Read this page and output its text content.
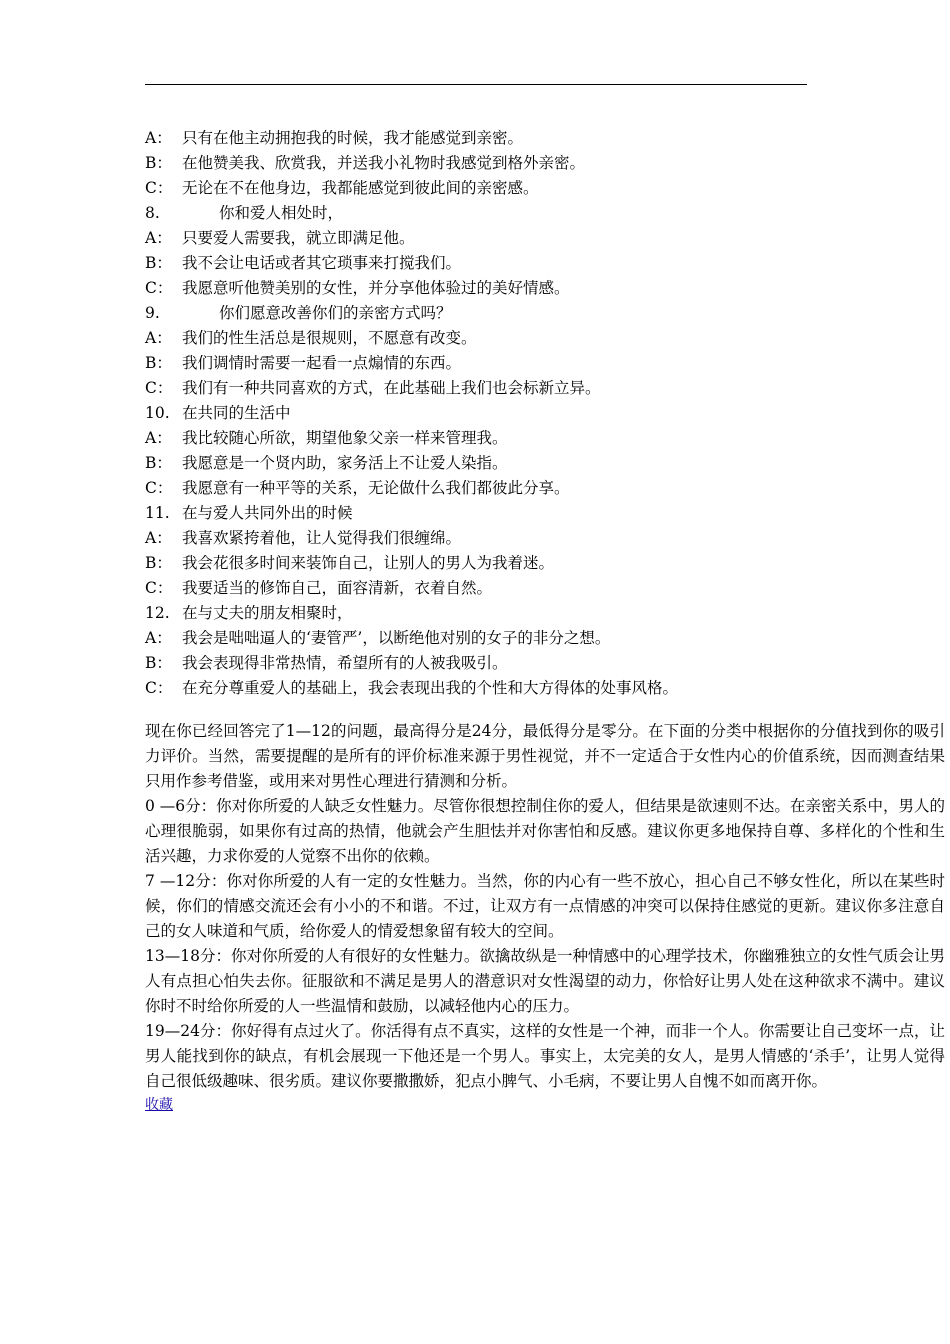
A： 只有在他主动拥抱我的时候，我才能感觉到亲密。
B： 在他赞美我、欣赏我，并送我小礼物时我感觉到格外亲密。
C： 无论在不在他身边，我都能感觉到彼此间的亲密感。
8.	你和爱人相处时，
A： 只要爱人需要我，就立即满足他。
B： 我不会让电话或者其它琐事来打搅我们。
C： 我愿意听他赞美别的女性，并分享他体验过的美好情感。
9.	你们愿意改善你们的亲密方式吗？
A： 我们的性生活总是很规则，不愿意有改变。
B： 我们调情时需要一起看一点煽情的东西。
C： 我们有一种共同喜欢的方式，在此基础上我们也会标新立异。
10. 在共同的生活中
A： 我比较随心所欲，期望他象父亲一样来管理我。
B： 我愿意是一个贤内助，家务活上不让爱人染指。
C： 我愿意有一种平等的关系，无论做什么我们都彼此分享。
11. 在与爱人共同外出的时候
A： 我喜欢紧挎着他，让人觉得我们很缠绵。
B： 我会花很多时间来装饰自己，让别人的男人为我着迷。
C： 我要适当的修饰自己，面容清新，衣着自然。
12. 在与丈夫的朋友相聚时，
A： 我会是咄咄逼人的‘妻管严’，以断绝他对别的女子的非分之想。
B： 我会表现得非常热情，希望所有的人被我吸引。
C： 在充分尊重爱人的基础上，我会表现出我的个性和大方得体的处事风格。

现在你已经回答完了1—12的问题，最高得分是24分，最低得分是零分。在下面的分类中根据你的分值找到你的吸引力评价。当然，需要提醒的是所有的评价标准来源于男性视觉，并不一定适合于女性内心的价值系统，因而测查结果只用作参考借鉴，或用来对男性心理进行猜测和分析。

0 —6分：你对你所爱的人缺乏女性魅力。尽管你很想控制住你的爱人，但结果是欲速则不达。在亲密关系中，男人的心理很脆弱，如果你有过高的热情，他就会产生胆怯并对你害怕和反感。建议你更多地保持自尊、多样化的个性和生活兴趣，力求你爱的人觉察不出你的依赖。

7 —12分：你对你所爱的人有一定的女性魅力。当然，你的内心有一些不放心，担心自己不够女性化，所以在某些时候，你们的情感交流还会有小小的不和谐。不过，让双方有一点情感的冲突可以保持住感觉的更新。建议你多注意自己的女人味道和气质，给你爱人的情爱想象留有较大的空间。

13—18分：你对你所爱的人有很好的女性魅力。欲擒故纵是一种情感中的心理学技术，你幽雅独立的女性气质会让男人有点担心怕失去你。征服欲和不满足是男人的潜意识对女性渴望的动力，你恰好让男人处在这种欲求不满中。建议你时不时给你所爱的人一些温情和鼓励，以减轻他内心的压力。

19—24分：你好得有点过火了。你活得有点不真实，这样的女性是一个神，而非一个人。你需要让自己变坏一点，让男人能找到你的缺点，有机会展现一下他还是一个男人。事实上，太完美的女人，是男人情感的‘杀手’，让男人觉得自己很低级趣味、很劣质。建议你要撒撒娇，犯点小脾气、小毛病，不要让男人自愧不如而离开你。

收藏
